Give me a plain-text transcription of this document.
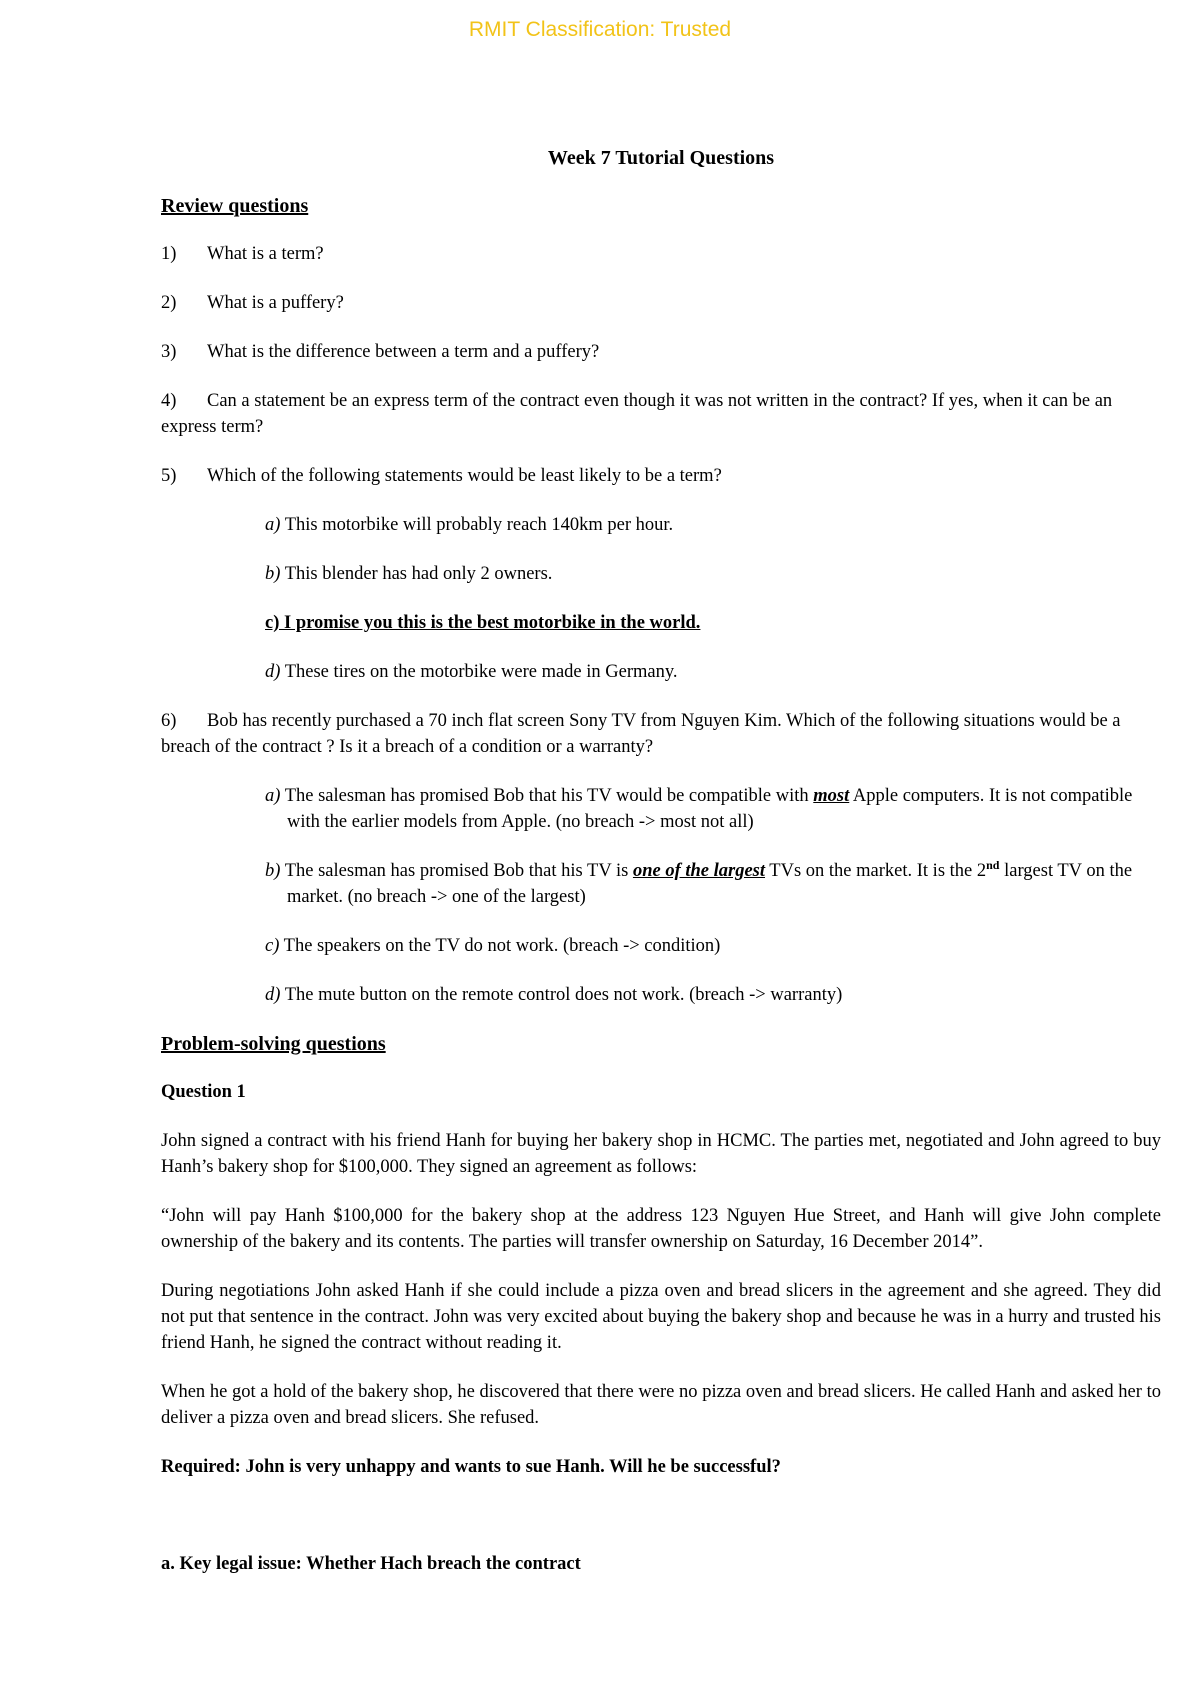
RMIT Classification: Trusted
Week 7 Tutorial Questions
Review questions
1) What is a term?
2) What is a puffery?
3) What is the difference between a term and a puffery?
4) Can a statement be an express term of the contract even though it was not written in the contract? If yes, when it can be an express term?
5) Which of the following statements would be least likely to be a term?
a) This motorbike will probably reach 140km per hour.
b) This blender has had only 2 owners.
c) I promise you this is the best motorbike in the world.
d) These tires on the motorbike were made in Germany.
6) Bob has recently purchased a 70 inch flat screen Sony TV from Nguyen Kim. Which of the following situations would be a breach of the contract ? Is it a breach of a condition or a warranty?
a) The salesman has promised Bob that his TV would be compatible with most Apple computers. It is not compatible with the earlier models from Apple. (no breach -> most not all)
b) The salesman has promised Bob that his TV is one of the largest TVs on the market. It is the 2nd largest TV on the market. (no breach -> one of the largest)
c) The speakers on the TV do not work. (breach -> condition)
d) The mute button on the remote control does not work. (breach -> warranty)
Problem-solving questions
Question 1
John signed a contract with his friend Hanh for buying her bakery shop in HCMC. The parties met, negotiated and John agreed to buy Hanh’s bakery shop for $100,000. They signed an agreement as follows:
“John will pay Hanh $100,000 for the bakery shop at the address 123 Nguyen Hue Street, and Hanh will give John complete ownership of the bakery and its contents. The parties will transfer ownership on Saturday, 16 December 2014”.
During negotiations John asked Hanh if she could include a pizza oven and bread slicers in the agreement and she agreed. They did not put that sentence in the contract. John was very excited about buying the bakery shop and because he was in a hurry and trusted his friend Hanh, he signed the contract without reading it.
When he got a hold of the bakery shop, he discovered that there were no pizza oven and bread slicers. He called Hanh and asked her to deliver a pizza oven and bread slicers. She refused.
Required: John is very unhappy and wants to sue Hanh. Will he be successful?
a. Key legal issue: Whether Hach breach the contract
